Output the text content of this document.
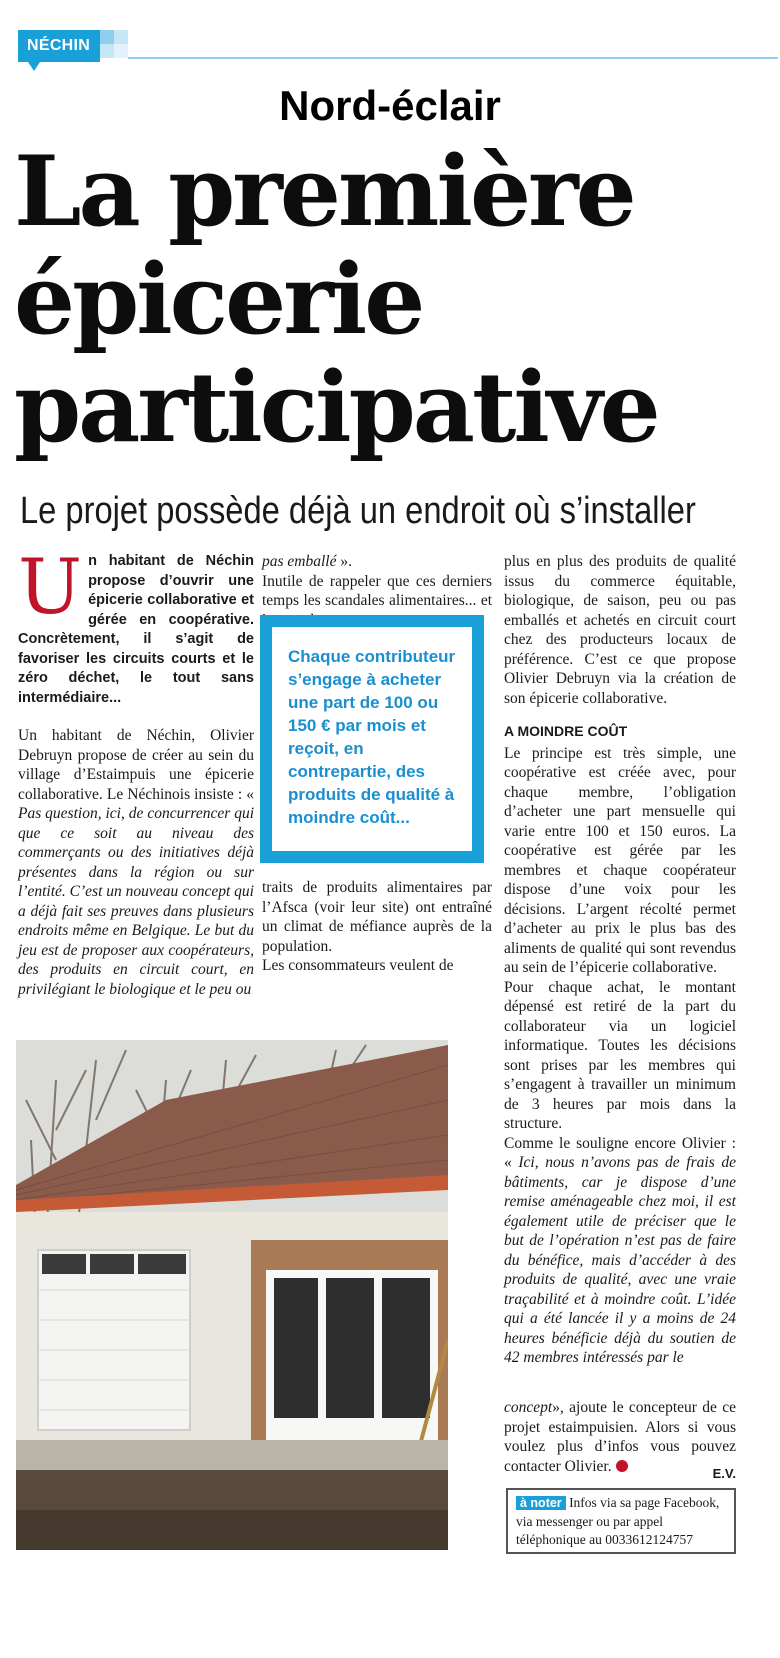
NÉCHIN
Nord-éclair
La première
épicerie
participative
Le projet possède déjà un endroit où s’installer
U n habitant de Néchin propose d’ouvrir une épicerie collaborative et gérée en coopérative. Concrètement, il s’agit de favoriser les circuits courts et le zéro déchet, le tout sans intermédiaire...

Un habitant de Néchin, Olivier Debruyn propose de créer au sein du village d’Estaimpuis une épicerie collaborative. Le Néchinois insiste : « Pas question, ici, de concurrencer qui que ce soit au niveau des commerçants ou des initiatives déjà présentes dans la région ou sur l’entité. C’est un nouveau concept qui a déjà fait ses preuves dans plusieurs endroits même en Belgique. Le but du jeu est de proposer aux coopérateurs, des produits en circuit court, en privilégiant le biologique et le peu ou

pas emballé ».

Inutile de rappeler que ces derniers temps les scandales alimentaires... et

Chaque contributeur s’engage à acheter une part de 100 ou 150 € par mois et reçoit, en contrepartie, des produits de qualité à moindre coût...

traits de produits alimentaires par l’Afsca (voir leur site) ont entraîné un climat de méfiance auprès de la population.

Les consommateurs veulent de

plus en plus des produits de qualité issus du commerce équitable, biologique, de saison, peu ou pas emballés et achetés en circuit court chez des producteurs locaux de préférence. C’est ce que propose Olivier Debruyn via la création de son épicerie collaborative.

A MOINDRE COÛT

Le principe est très simple, une coopérative est créée avec, pour chaque membre, l’obligation d’acheter une part mensuelle qui varie entre 100 et 150 euros. La coopérative est gérée par les membres et chaque coopérateur dispose d’une voix pour les décisions. L’argent récolté permet d’acheter au prix le plus bas des aliments de qualité qui sont revendus au sein de l’épicerie collaborative.

Pour chaque achat, le montant dépensé est retiré de la part du collaborateur via un logiciel informatique. Toutes les décisions sont prises par les membres qui s’engagent à travailler un minimum de 3 heures par mois dans la structure.

Comme le souligne encore Olivier : « Ici, nous n’avons pas de frais de bâtiments, car je dispose d’une remise aménageable chez moi, il est également utile de préciser que le but de l’opération n’est pas de faire du bénéfice, mais d’accéder à des produits de qualité, avec une vraie traçabilité et à moindre coût. L’idée qui a été lancée il y a moins de 24 heures bénéficie déjà du soutien de 42 membres intéressés par le

concept», ajoute le concepteur de ce projet estaimpuisien. Alors si vous voulez plus d’infos vous pouvez contacter Olivier.	E.V.
à noter Infos via sa page Facebook, via messenger ou par appel téléphonique au 0033612124757
